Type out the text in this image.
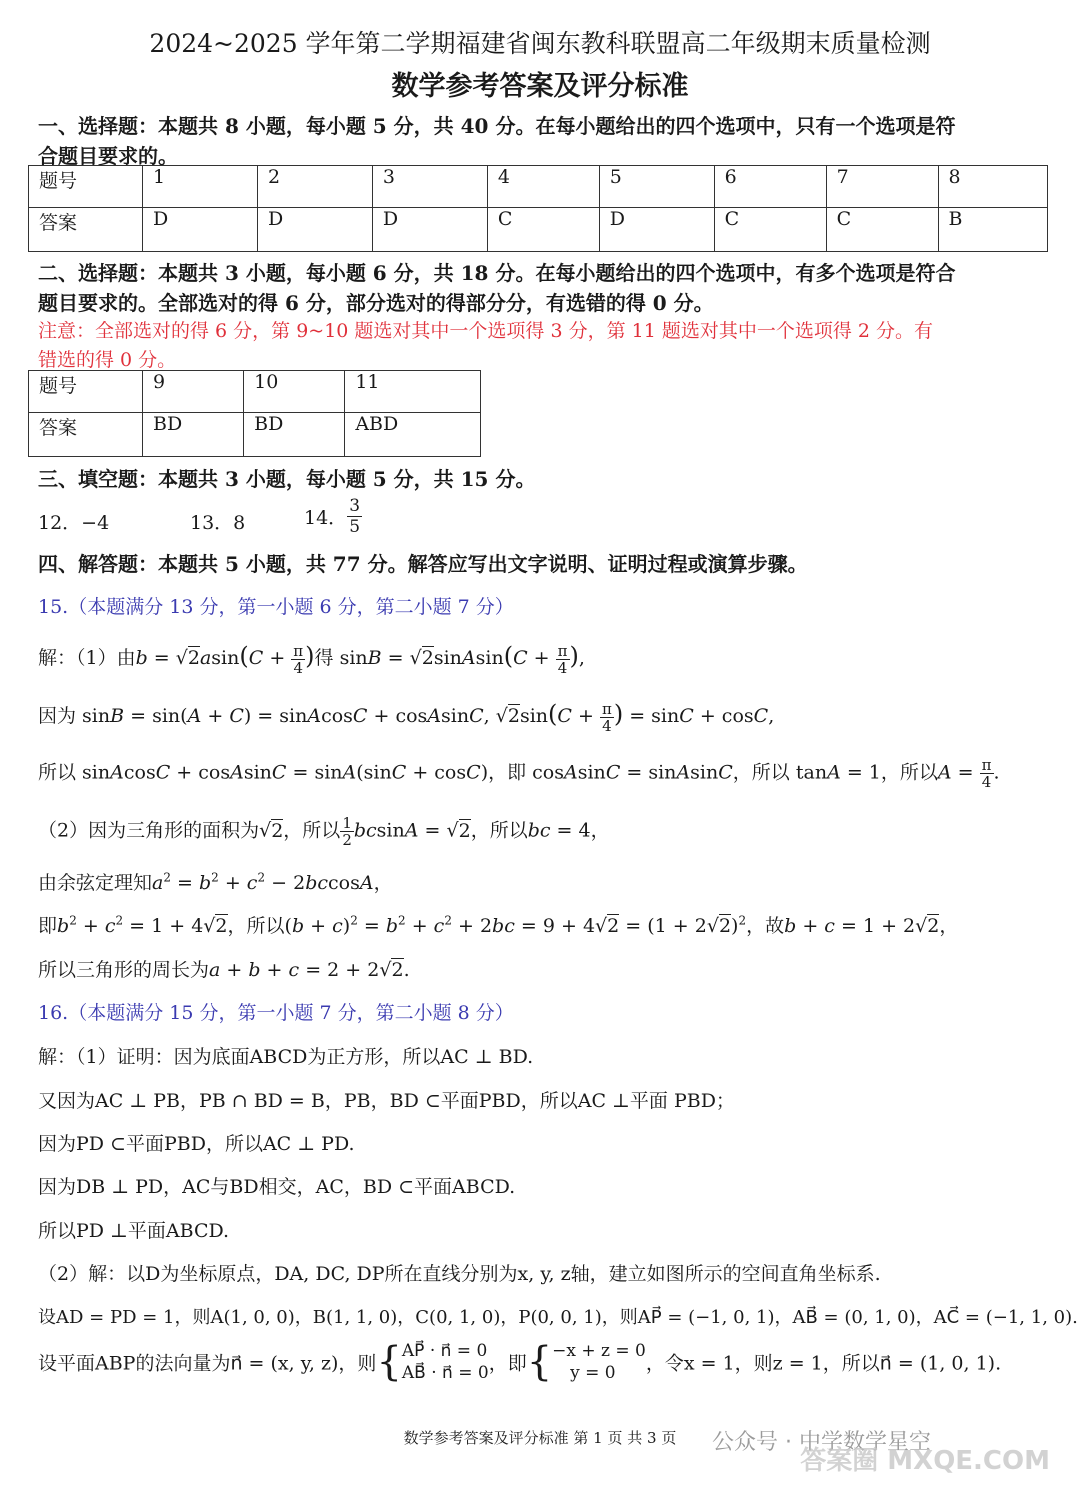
2024~2025 学年第二学期福建省闽东教科联盟高二年级期末质量检测
数学参考答案及评分标准
一、选择题：本题共 8 小题，每小题 5 分，共 40 分。在每小题给出的四个选项中，只有一个选项是符
合题目要求的。
题号	1	2	3	4	5	6	7	8
答案	D	D	D	C	D	C	C	B
二、选择题：本题共 3 小题，每小题 6 分，共 18 分。在每小题给出的四个选项中，有多个选项是符合
题目要求的。全部选对的得 6 分，部分选对的得部分分，有选错的得 0 分。
注意：全部选对的得 6 分，第 9~10 题选对其中一个选项得 3 分，第 11 题选对其中一个选项得 2 分。有
错选的得 0 分。
题号	9	10	11
答案	BD	BD	ABD
三、填空题：本题共 3 小题，每小题 5 分，共 15 分。
12．−4	13．8	14． $\frac{3}{5}$
四、解答题：本题共 5 小题，共 77 分。解答应写出文字说明、证明过程或演算步骤。
15.（本题满分 13 分，第一小题 6 分，第二小题 7 分）
解：（1）由$b = √2asin(C + \frac{\pi}{4}$ )得 sinB = √2sinAsin(C + $\frac{\pi}{4}$ ),
因为 sinB = sin(A + C) = sinAcosC + cosAsinC, $√2\sin(C + \frac{\pi}{4}$ ) = sinC + cosC,
所以 sinAcosC + cosAsinC = sinA(sinC + cosC)，即 cosAsinC = sinAsinC，所以 tanA = 1，所以$A = \frac{\pi}{4}$ .
（2）因为三角形的面积为√2，所以 $\frac{1}{2}$ bcsinA = √2，所以bc = 4，
由余弦定理知$a^2 = b^2 + c^2 - 2bccosA$，
即$b^2 + c^2 = 1 + 4√2$，所以$(b + c)^2 = b^2 + c^2 + 2bc = 9 + 4√2 = (1 + 2√2)^2$，故b + c = 1 + 2√2，
所以三角形的周长为a + b + c = 2 + 2√2.
16.（本题满分 15 分，第一小题 7 分，第二小题 8 分）
解：（1）证明：因为底面ABCD为正方形，所以AC ⊥ BD.
又因为AC ⊥ PB，PB ∩ BD = B，PB，BD ⊂平面PBD，所以AC ⊥平面 PBD；
因为PD ⊂平面PBD，所以AC ⊥ PD.
因为DB ⊥ PD，AC与BD相交，AC，BD ⊂平面ABCD.
所以PD ⊥平面ABCD.
（2）解：以D为坐标原点，DA, DC, DP所在直线分别为x, y, z轴，建立如图所示的空间直角坐标系.
设AD = PD = 1，则A(1, 0, 0)，B(1, 1, 0)，C(0, 1, 0)，P(0, 0, 1)，则AP⃗ = (−1, 0, 1)，AB⃗ = (0, 1, 0)，AC⃗ = (−1, 1, 0).
设平面ABP的法向量为n⃗ = (x, y, z)，则{ AP⃗ · n⃗ = 0
AB⃗ · n⃗ = 0 ，即{ −x + z = 0
y = 0	，令x = 1，则z = 1，所以n⃗ = (1, 0, 1).
数学参考答案及评分标准 第 1 页 共 3 页	公众号 · 中学数学星空
答案圈 MXQE.COM
